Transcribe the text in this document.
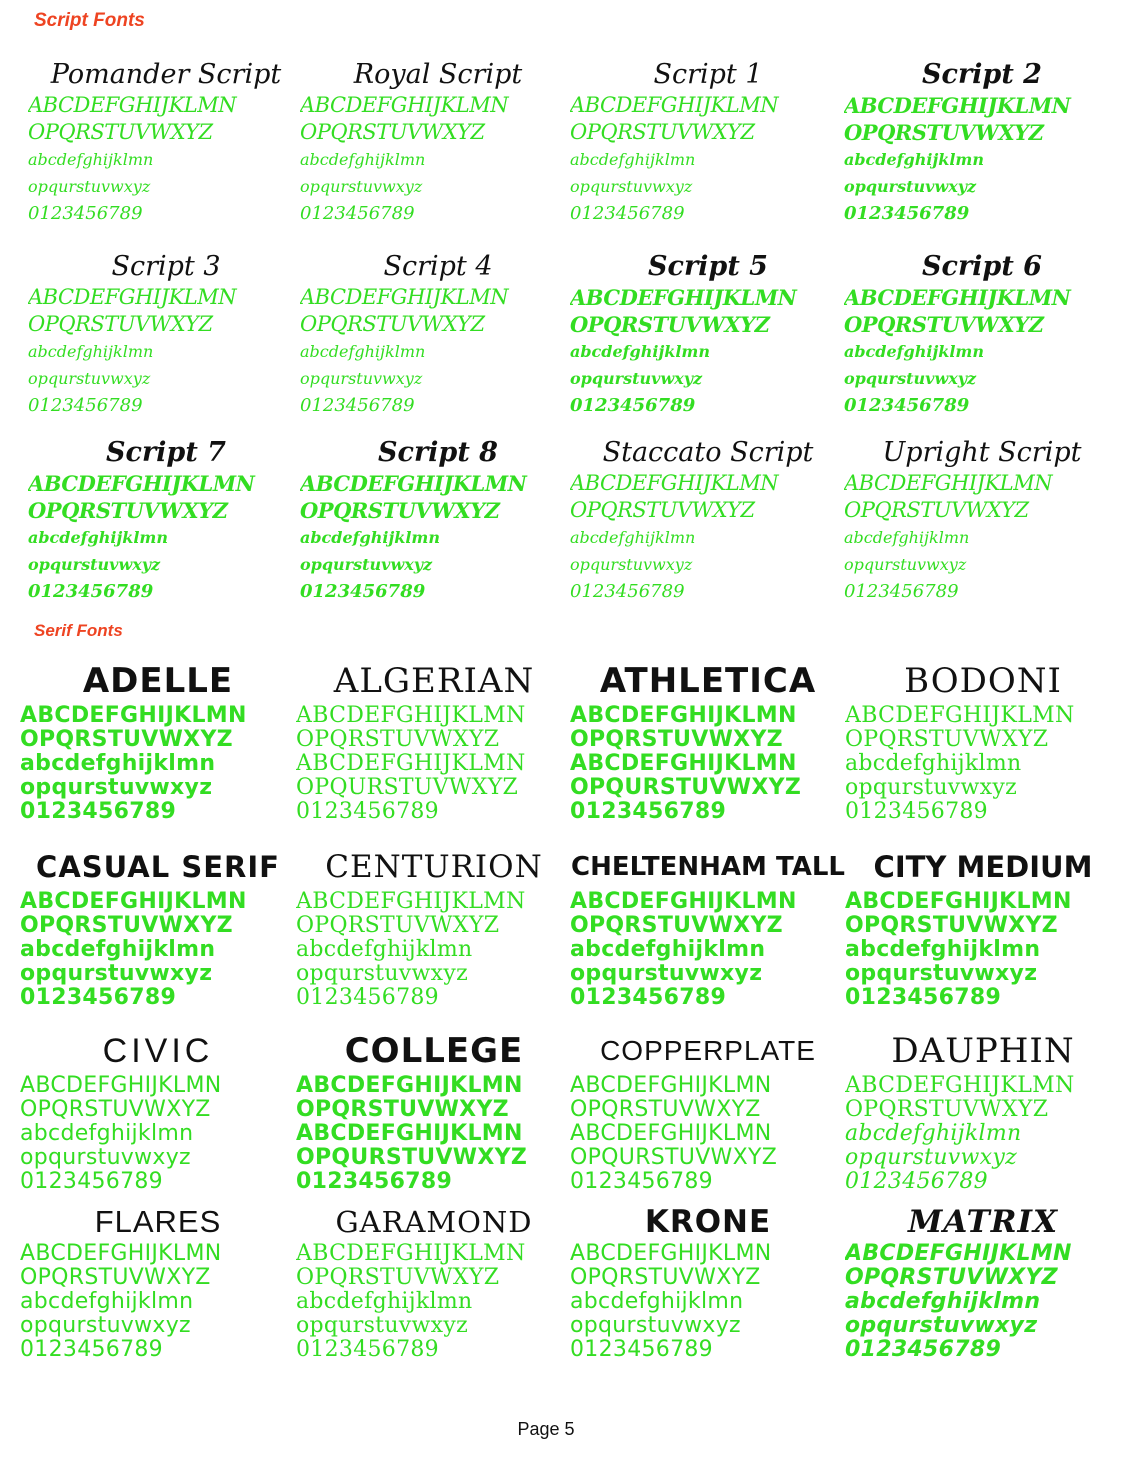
Script Fonts
Pomander Script
ABCDEFGHIJKLMN
OPQRSTUVWXYZ
abcdefghijklmn
opqurstuvwxyz
0123456789
Royal Script
ABCDEFGHIJKLMN
OPQRSTUVWXYZ
abcdefghijklmn
opqurstuvwxyz
0123456789
Script 1
ABCDEFGHIJKLMN
OPQRSTUVWXYZ
abcdefghijklmn
opqurstuvwxyz
0123456789
Script 2
ABCDEFGHIJKLMN
OPQRSTUVWXYZ
abcdefghijklmn
opqurstuvwxyz
0123456789
Script 3
ABCDEFGHIJKLMN
OPQRSTUVWXYZ
abcdefghijklmn
opqurstuvwxyz
0123456789
Script 4
ABCDEFGHIJKLMN
OPQRSTUVWXYZ
abcdefghijklmn
opqurstuvwxyz
0123456789
Script 5
ABCDEFGHIJKLMN
OPQRSTUVWXYZ
abcdefghijklmn
opqurstuvwxyz
0123456789
Script 6
ABCDEFGHIJKLMN
OPQRSTUVWXYZ
abcdefghijklmn
opqurstuvwxyz
0123456789
Script 7
ABCDEFGHIJKLMN
OPQRSTUVWXYZ
abcdefghijklmn
opqurstuvwxyz
0123456789
Script 8
ABCDEFGHIJKLMN
OPQRSTUVWXYZ
abcdefghijklmn
opqurstuvwxyz
0123456789
Staccato Script
ABCDEFGHIJKLMN
OPQRSTUVWXYZ
abcdefghijklmn
opqurstuvwxyz
0123456789
Upright Script
ABCDEFGHIJKLMN
OPQRSTUVWXYZ
abcdefghijklmn
opqurstuvwxyz
0123456789
Serif Fonts
ADELLE
ABCDEFGHIJKLMN
OPQRSTUVWXYZ
abcdefghijklmn
opqurstuvwxyz
0123456789
ALGERIAN
ABCDEFGHIJKLMN
OPQRSTUVWXYZ
ABCDEFGHIJKLMN
OPQURSTUVWXYZ
0123456789
ATHLETICA
ABCDEFGHIJKLMN
OPQRSTUVWXYZ
ABCDEFGHIJKLMN
OPQURSTUVWXYZ
0123456789
BODONI
ABCDEFGHIJKLMN
OPQRSTUVWXYZ
abcdefghijklmn
opqurstuvwxyz
0123456789
CASUAL SERIF
ABCDEFGHIJKLMN
OPQRSTUVWXYZ
abcdefghijklmn
opqurstuvwxyz
0123456789
CENTURION
ABCDEFGHIJKLMN
OPQRSTUVWXYZ
abcdefghijklmn
opqurstuvwxyz
0123456789
CHELTENHAM TALL
ABCDEFGHIJKLMN
OPQRSTUVWXYZ
abcdefghijklmn
opqurstuvwxyz
0123456789
CITY MEDIUM
ABCDEFGHIJKLMN
OPQRSTUVWXYZ
abcdefghijklmn
opqurstuvwxyz
0123456789
CIVIC
ABCDEFGHIJKLMN
OPQRSTUVWXYZ
abcdefghijklmn
opqurstuvwxyz
0123456789
COLLEGE
ABCDEFGHIJKLMN
OPQRSTUVWXYZ
ABCDEFGHIJKLMN
OPQURSTUVWXYZ
0123456789
COPPERPLATE
ABCDEFGHIJKLMN
OPQRSTUVWXYZ
ABCDEFGHIJKLMN
OPQURSTUVWXYZ
0123456789
DAUPHIN
ABCDEFGHIJKLMN
OPQRSTUVWXYZ
abcdefghijklmn
opqurstuvwxyz
0123456789
FLARES
ABCDEFGHIJKLMN
OPQRSTUVWXYZ
abcdefghijklmn
opqurstuvwxyz
0123456789
GARAMOND
ABCDEFGHIJKLMN
OPQRSTUVWXYZ
abcdefghijklmn
opqurstuvwxyz
0123456789
KRONE
ABCDEFGHIJKLMN
OPQRSTUVWXYZ
abcdefghijklmn
opqurstuvwxyz
0123456789
MATRIX
ABCDEFGHIJKLMN
OPQRSTUVWXYZ
abcdefghijklmn
opqurstuvwxyz
0123456789
Page 5
